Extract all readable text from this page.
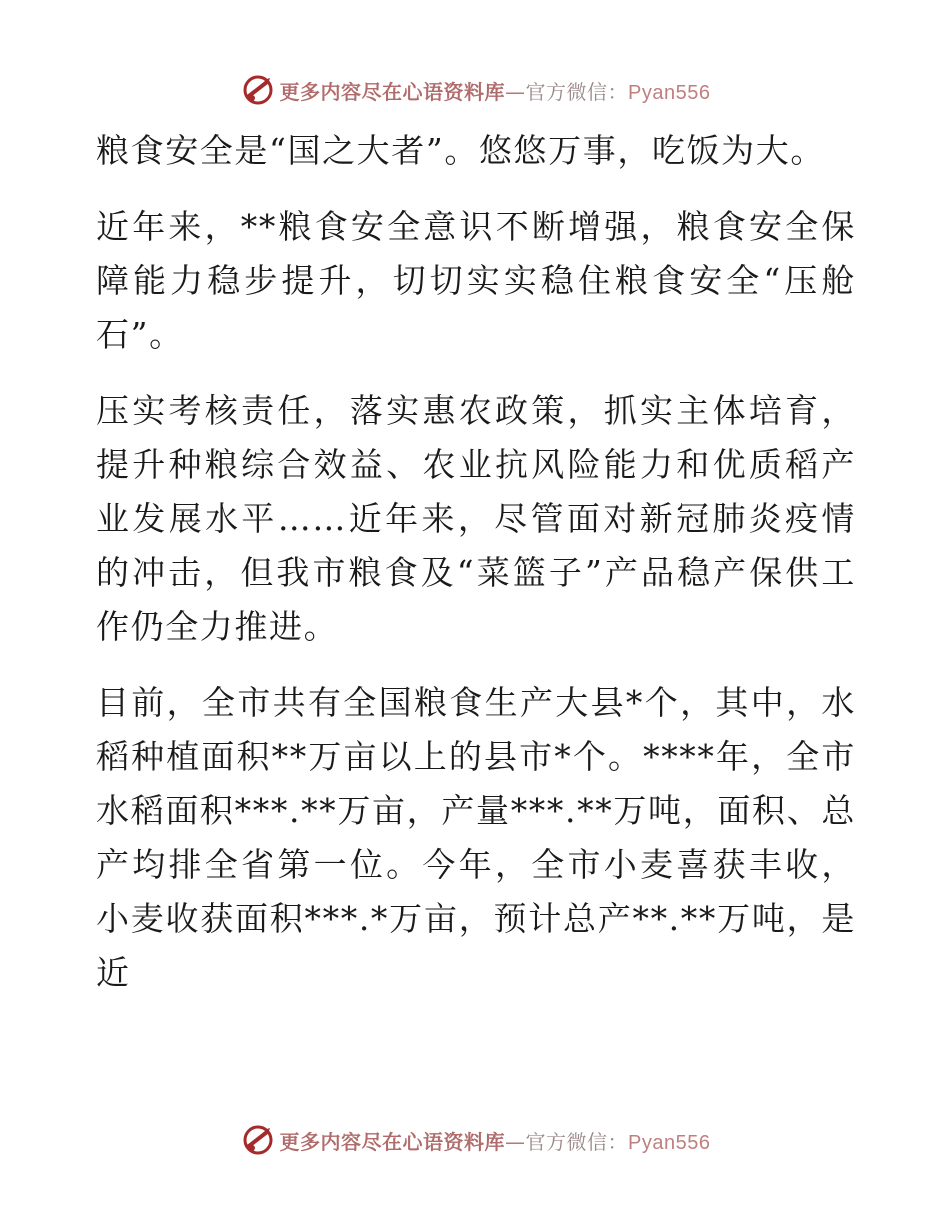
更多内容尽在心语资料库—官方微信：Pyan556

粮食安全是“国之大者”。悠悠万事，吃饭为大。

近年来，**粮食安全意识不断增强，粮食安全保障能力稳步提升，切切实实稳住粮食安全“压舱石”。

压实考核责任，落实惠农政策，抓实主体培育，提升种粮综合效益、农业抗风险能力和优质稻产业发展水平……近年来，尽管面对新冠肺炎疫情的冲击，但我市粮食及“菜篮子”产品稳产保供工作仍全力推进。

目前，全市共有全国粮食生产大县*个，其中，水稻种植面积**万亩以上的县市*个。****年，全市水稻面积***.**万亩，产量***.**万吨，面积、总产均排全省第一位。今年，全市小麦喜获丰收，小麦收获面积***.*万亩，预计总产**.**万吨，是近

更多内容尽在心语资料库—官方微信：Pyan556
